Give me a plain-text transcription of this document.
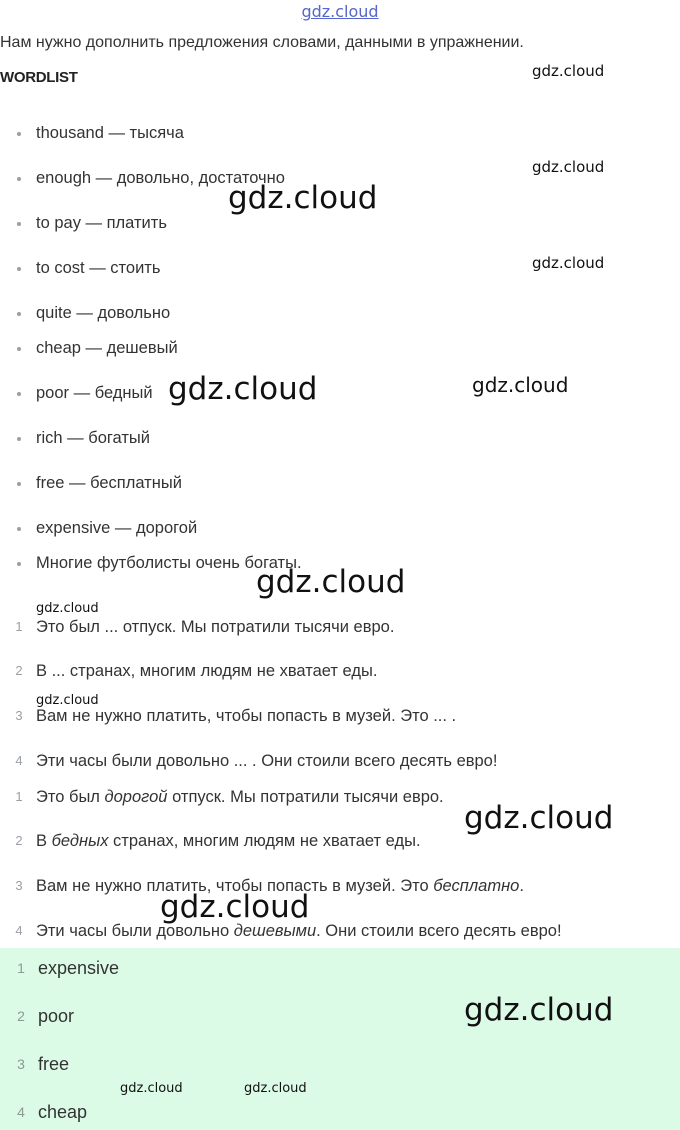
gdz.cloud
Нам нужно дополнить предложения словами, данными в упражнении.
WORDLIST
thousand — тысяча
enough — довольно, достаточно
to pay — платить
to cost — стоить
quite — довольно
cheap — дешевый
poor — бедный
rich — богатый
free — бесплатный
expensive — дорогой
Многие футболисты очень богаты.
1 Это был ... отпуск. Мы потратили тысячи евро.
2 В ... странах, многим людям не хватает еды.
3 Вам не нужно платить, чтобы попасть в музей. Это ... .
4 Эти часы были довольно ... . Они стоили всего десять евро!
1 Это был дорогой отпуск. Мы потратили тысячи евро.
2 В бедных странах, многим людям не хватает еды.
3 Вам не нужно платить, чтобы попасть в музей. Это бесплатно.
4 Эти часы были довольно дешевыми. Они стоили всего десять евро!
1 expensive
2 poor
3 free
4 cheap
gdz.cloud
gdz.cloud
gdz.cloud
gdz.cloud
gdz.cloud	gdz.cloud
gdz.cloud
gdz.cloud
gdz.cloud
gdz.cloud
gdz.cloud
gdz.cloud
gdz.cloud	gdz.cloud
